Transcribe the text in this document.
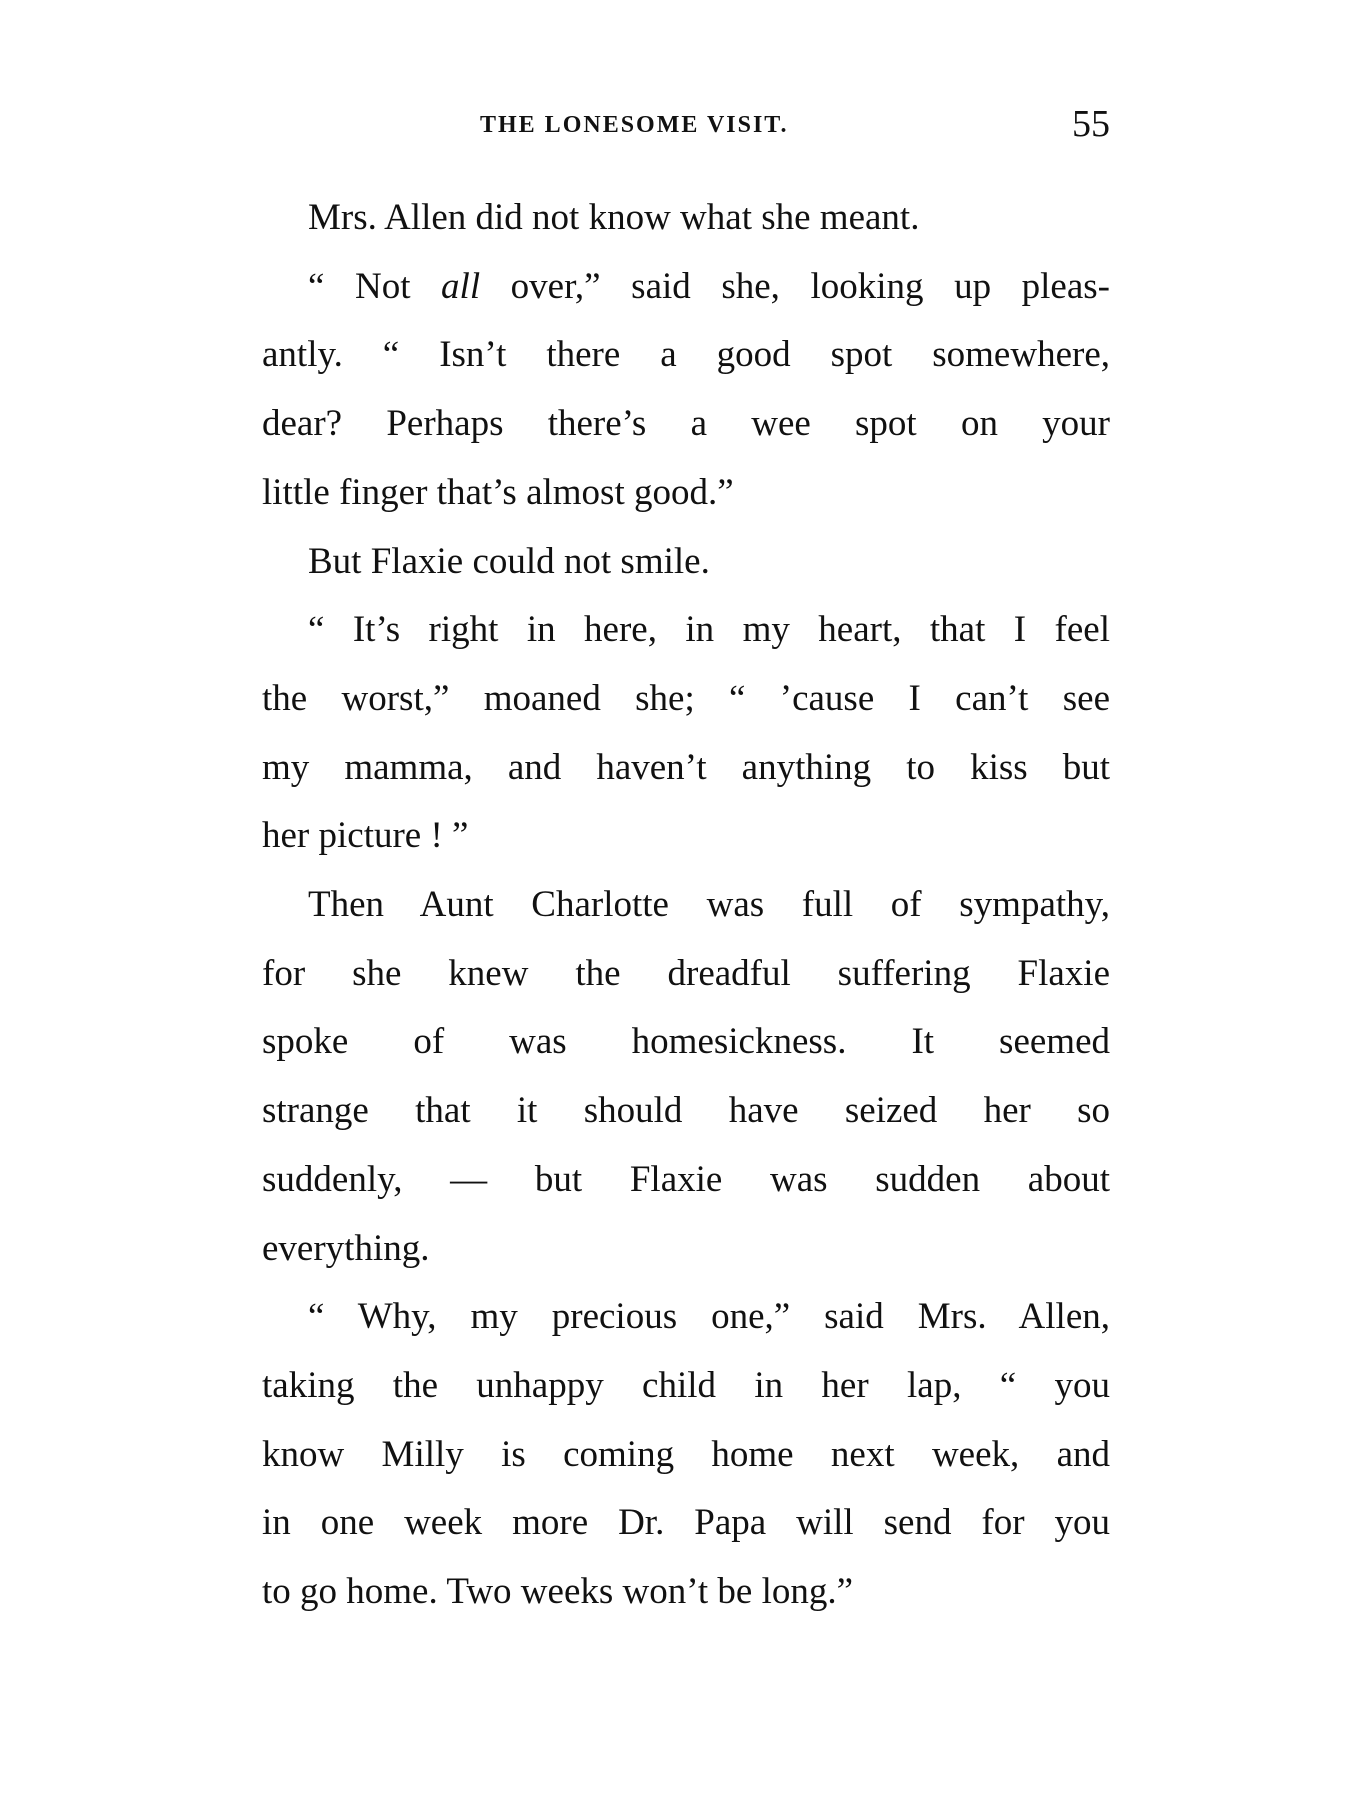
THE LONESOME VISIT.	55
Mrs. Allen did not know what she meant.
“ Not all over,” said she, looking up pleas-
antly. “ Isn’t there a good spot somewhere,
dear? Perhaps there’s a wee spot on your
little finger that’s almost good.”
But Flaxie could not smile.
“ It’s right in here, in my heart, that I feel
the worst,” moaned she; “ ’cause I can’t see
my mamma, and haven’t anything to kiss but
her picture ! ”
Then Aunt Charlotte was full of sympathy,
for she knew the dreadful suffering Flaxie
spoke of was homesickness. It seemed
strange that it should have seized her so
suddenly, — but Flaxie was sudden about
everything.
“ Why, my precious one,” said Mrs. Allen,
taking the unhappy child in her lap, “ you
know Milly is coming home next week, and
in one week more Dr. Papa will send for you
to go home. Two weeks won’t be long.”
